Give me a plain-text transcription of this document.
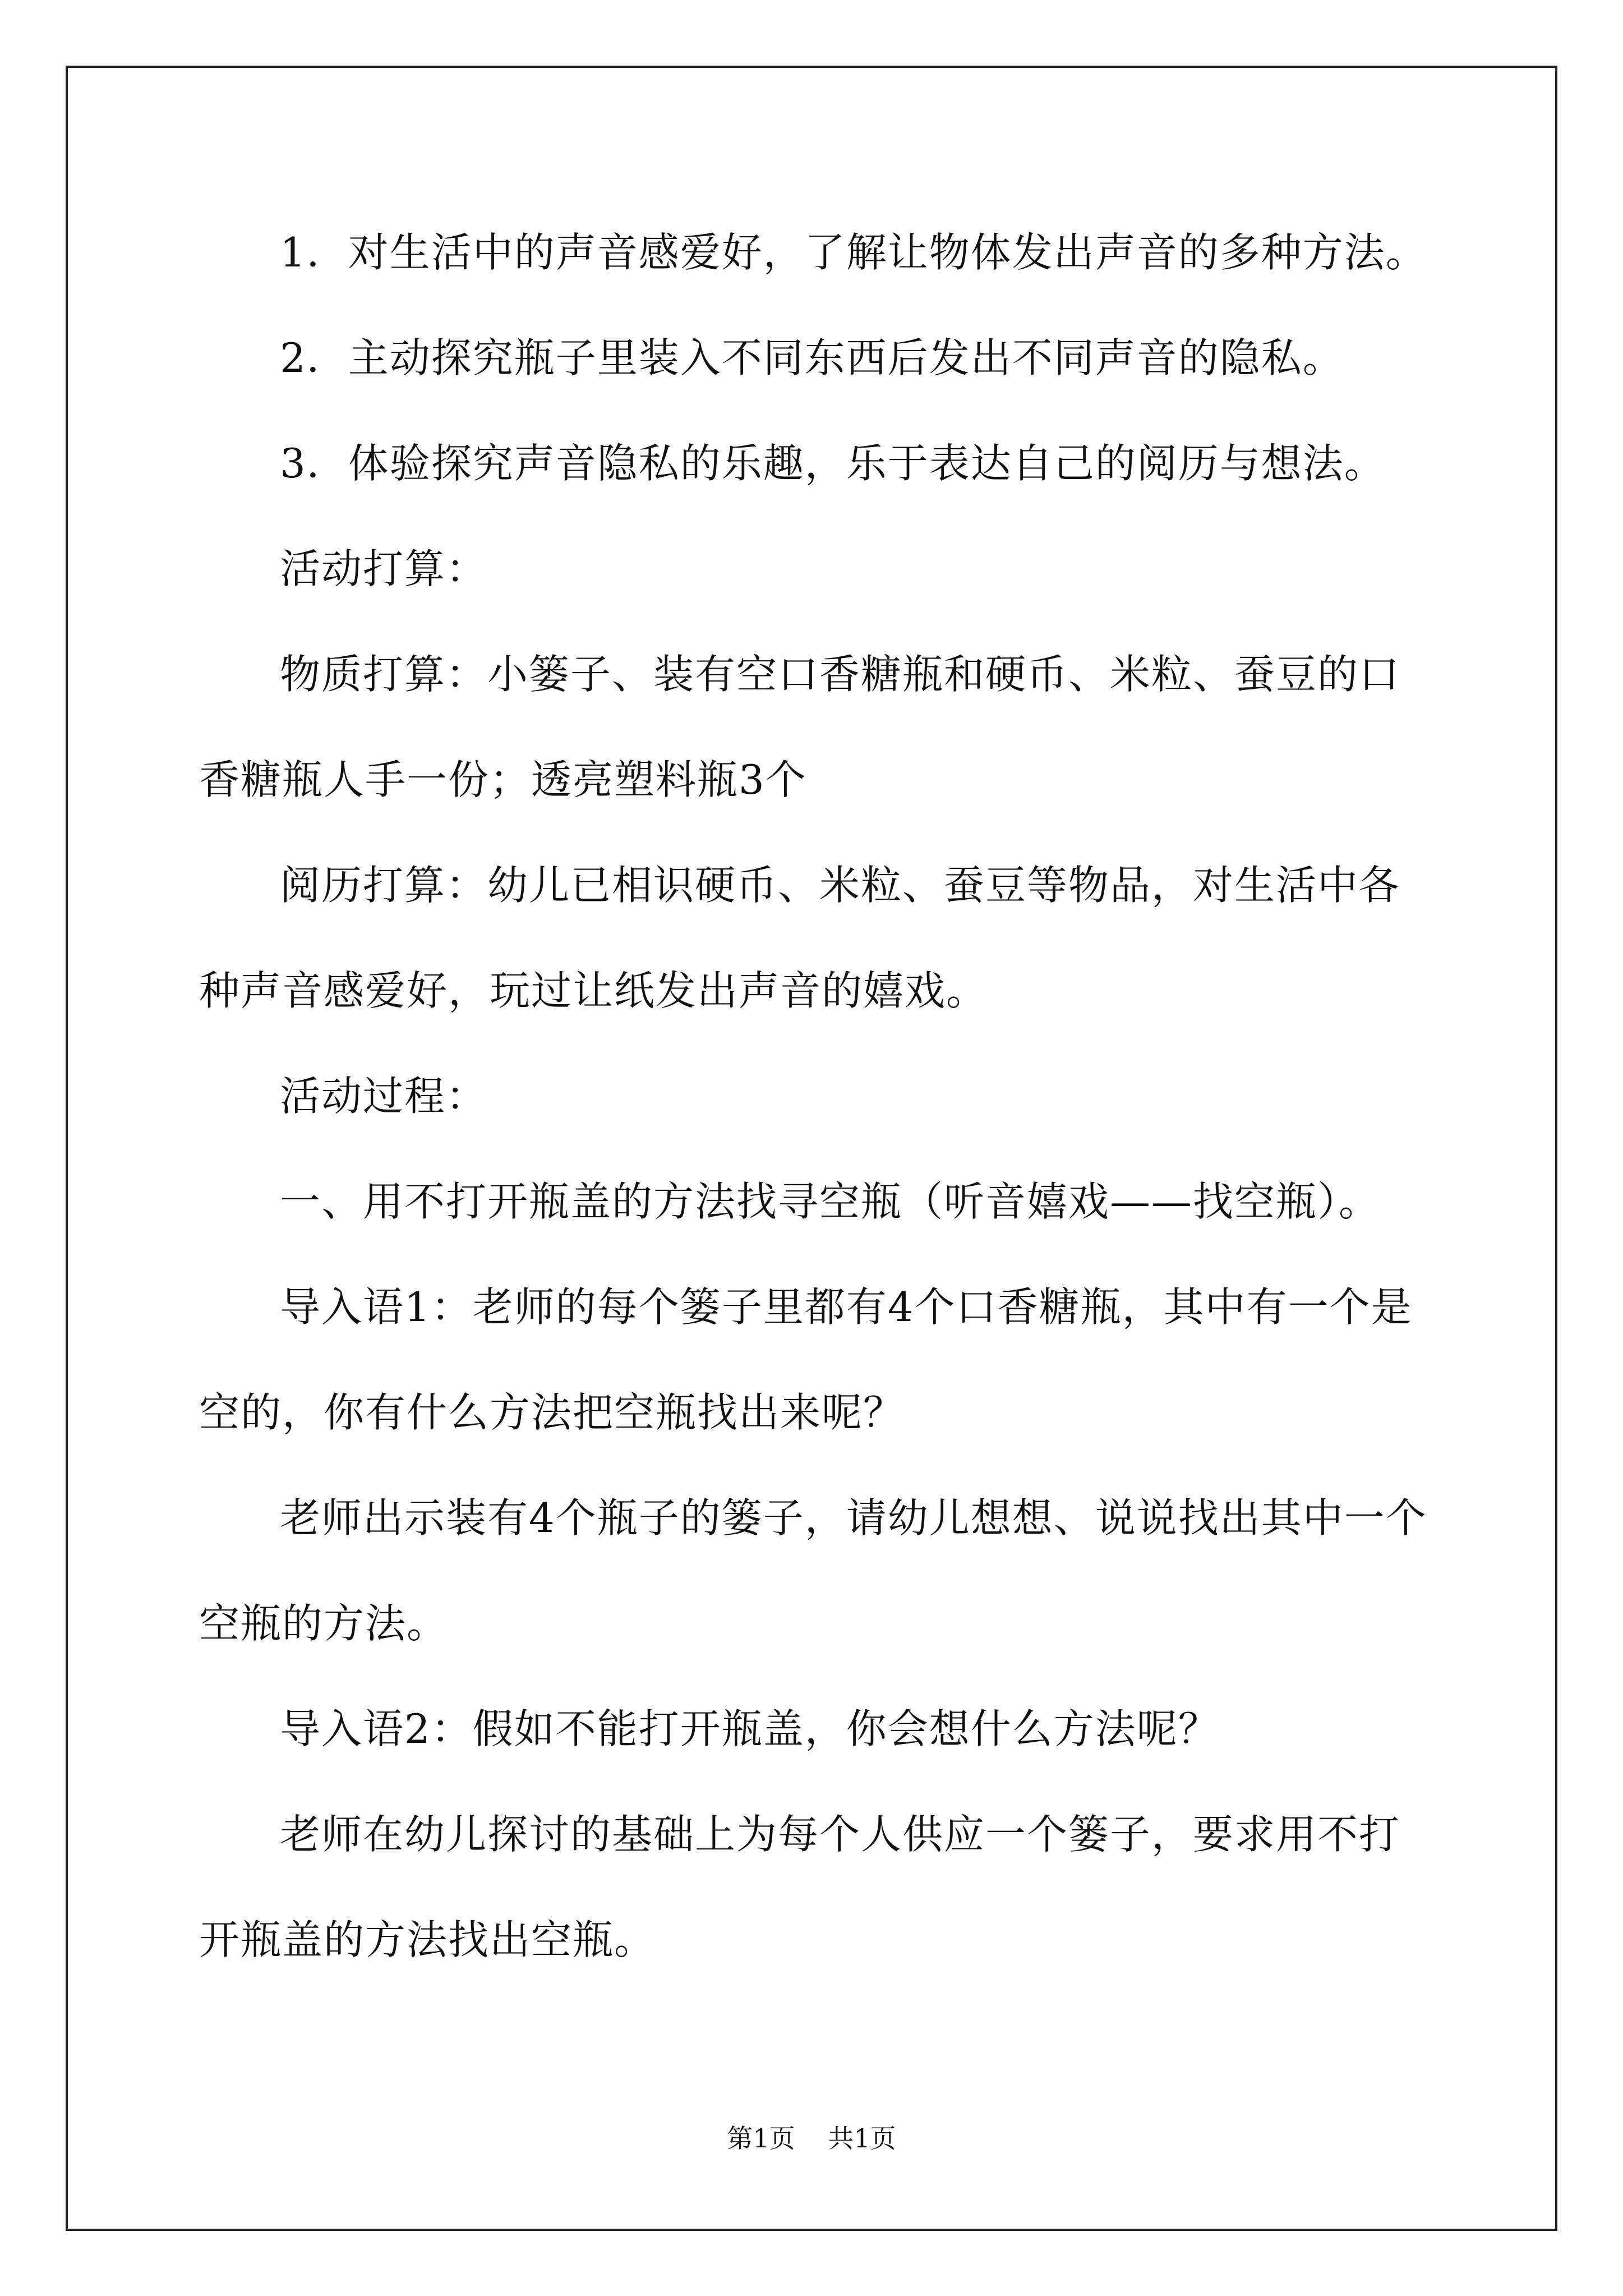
1．对生活中的声音感爱好，了解让物体发出声音的多种方法。

2．主动探究瓶子里装入不同东西后发出不同声音的隐私。

3．体验探究声音隐私的乐趣，乐于表达自己的阅历与想法。

活动打算：

物质打算：小篓子、装有空口香糖瓶和硬币、米粒、蚕豆的口香糖瓶人手一份；透亮塑料瓶3个

阅历打算：幼儿已相识硬币、米粒、蚕豆等物品，对生活中各种声音感爱好，玩过让纸发出声音的嬉戏。

活动过程：

一、用不打开瓶盖的方法找寻空瓶（听音嬉戏——找空瓶）。

导入语1：老师的每个篓子里都有4个口香糖瓶，其中有一个是空的，你有什么方法把空瓶找出来呢？

老师出示装有4个瓶子的篓子，请幼儿想想、说说找出其中一个空瓶的方法。

导入语2：假如不能打开瓶盖，你会想什么方法呢？

老师在幼儿探讨的基础上为每个人供应一个篓子，要求用不打开瓶盖的方法找出空瓶。

第1页 共1页
